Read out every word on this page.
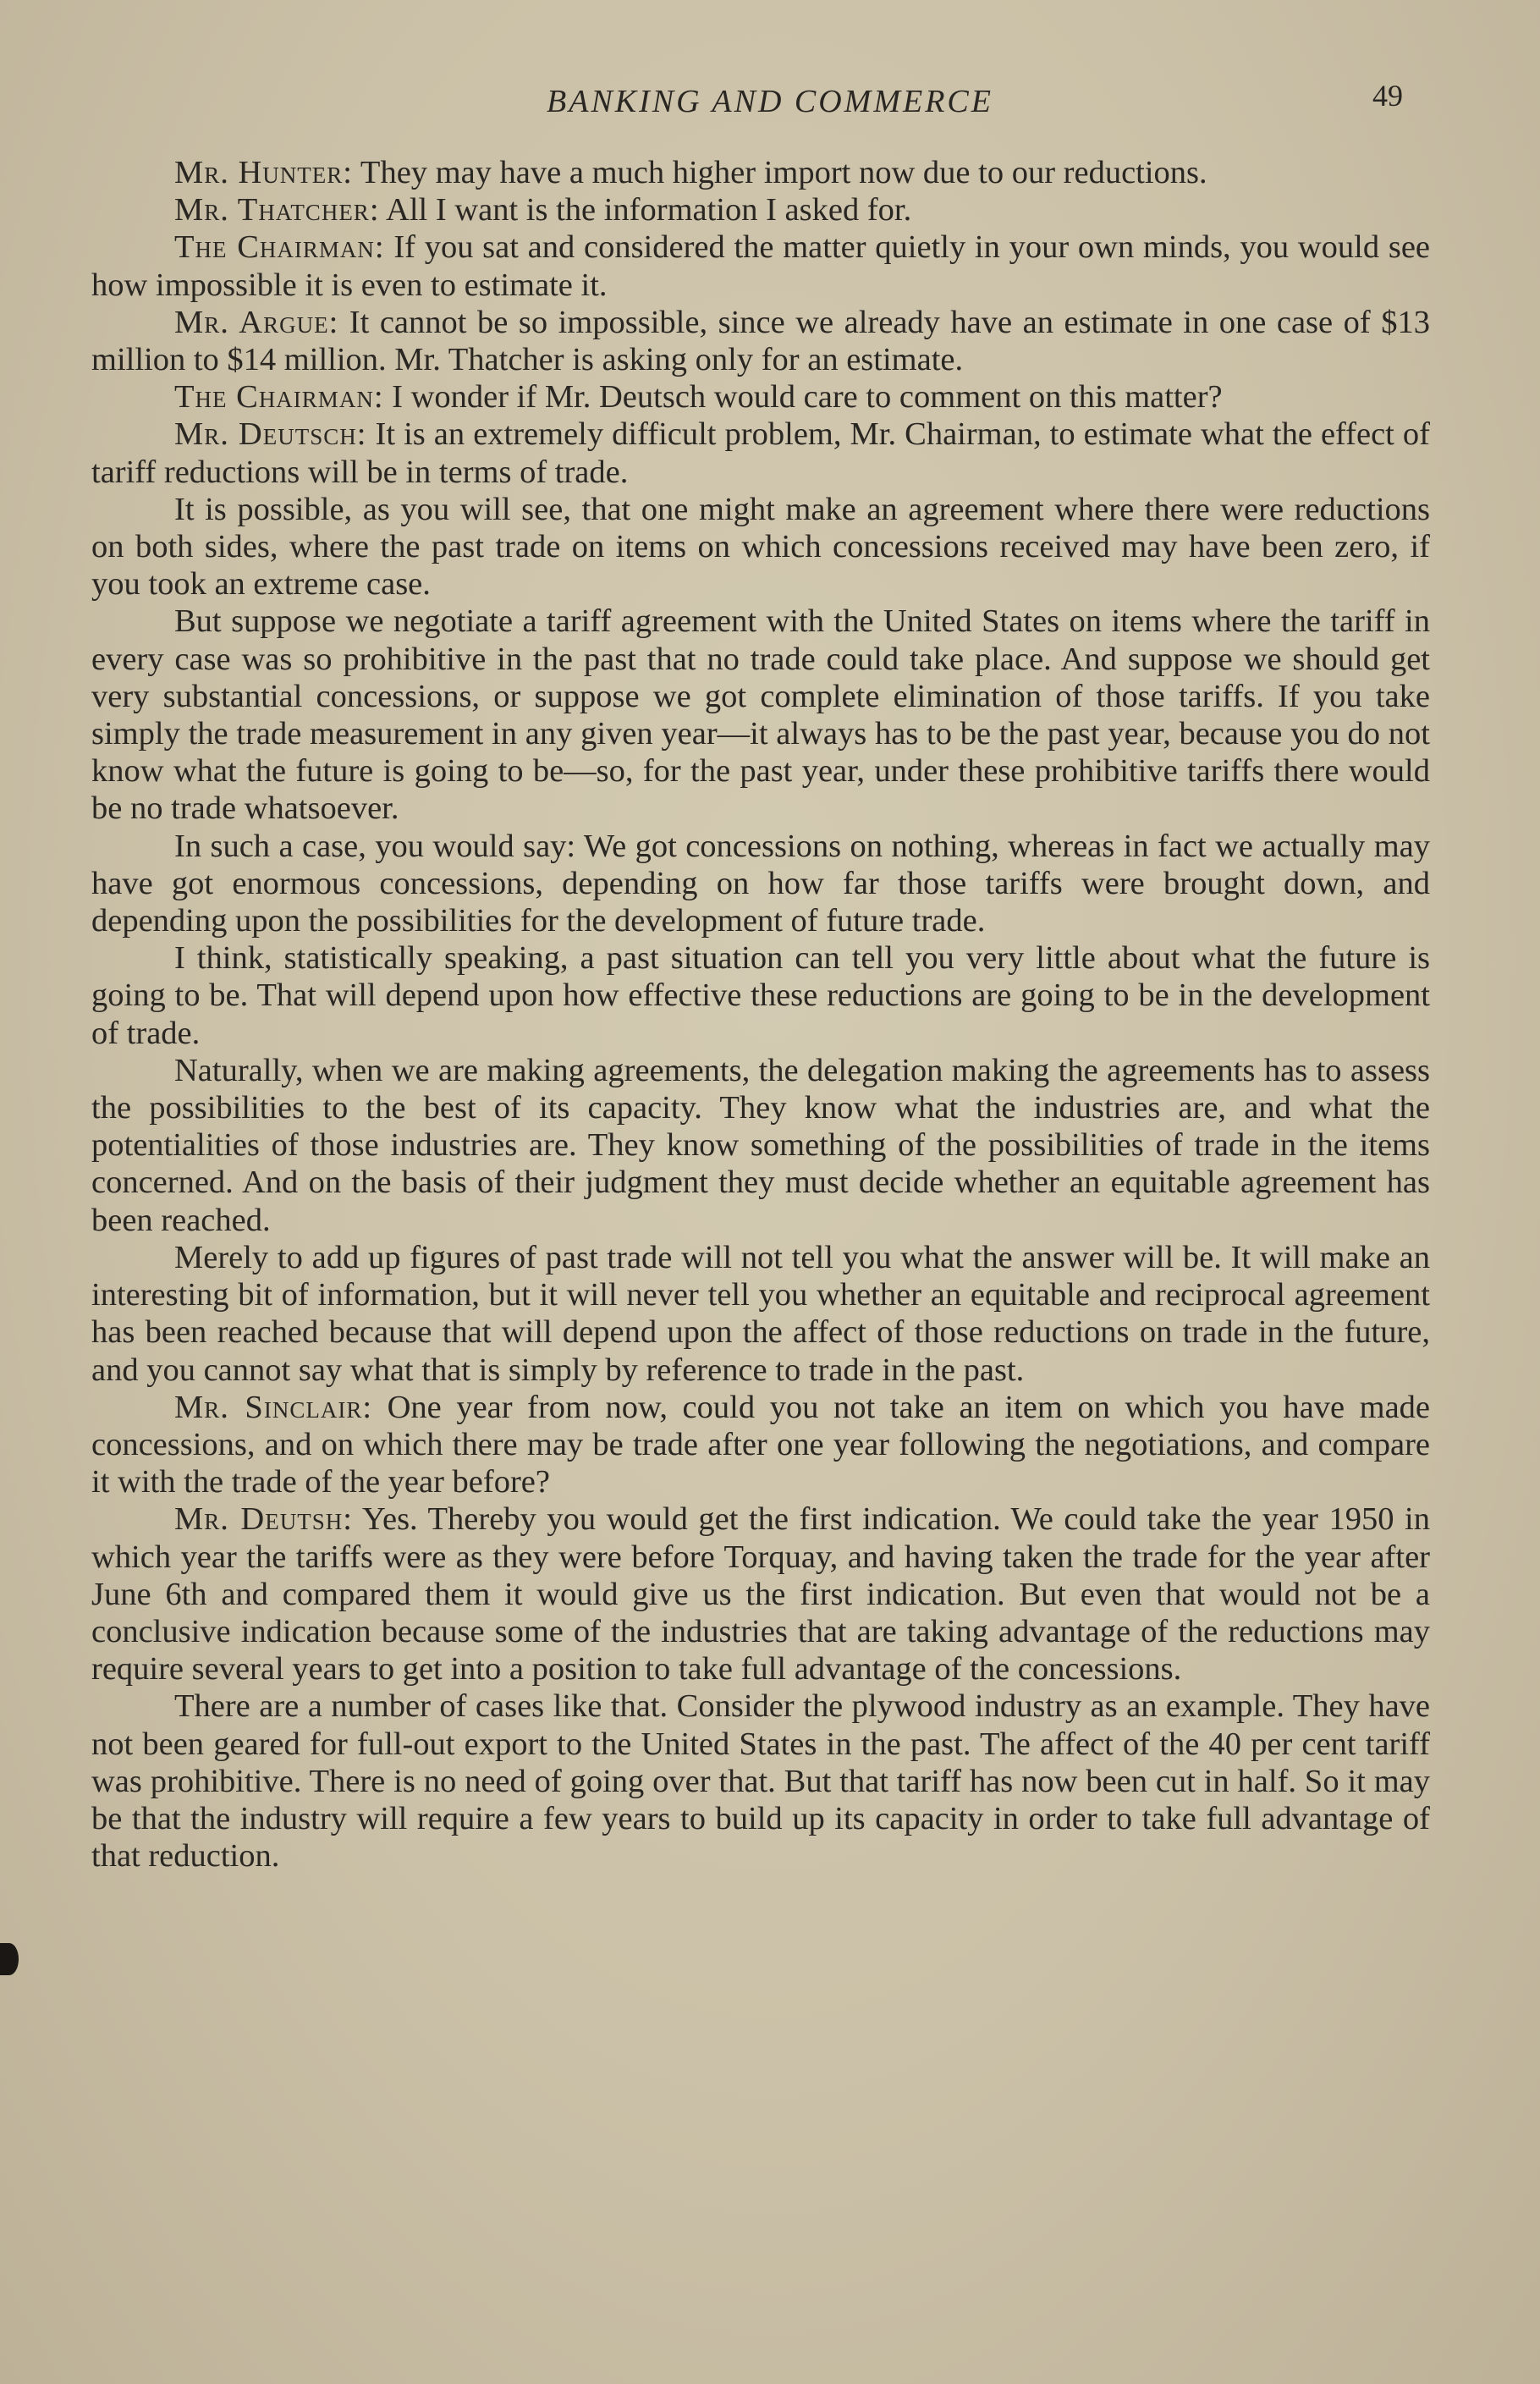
BANKING AND COMMERCE	49

Mr. Hunter: They may have a much higher import now due to our reductions.

Mr. Thatcher: All I want is the information I asked for.

The Chairman: If you sat and considered the matter quietly in your own minds, you would see how impossible it is even to estimate it.

Mr. Argue: It cannot be so impossible, since we already have an estimate in one case of $13 million to $14 million. Mr. Thatcher is asking only for an estimate.

The Chairman: I wonder if Mr. Deutsch would care to comment on this matter?

Mr. Deutsch: It is an extremely difficult problem, Mr. Chairman, to estimate what the effect of tariff reductions will be in terms of trade.

It is possible, as you will see, that one might make an agreement where there were reductions on both sides, where the past trade on items on which concessions received may have been zero, if you took an extreme case.

But suppose we negotiate a tariff agreement with the United States on items where the tariff in every case was so prohibitive in the past that no trade could take place. And suppose we should get very substantial concessions, or suppose we got complete elimination of those tariffs. If you take simply the trade measurement in any given year—it always has to be the past year, because you do not know what the future is going to be—so, for the past year, under these prohibitive tariffs there would be no trade whatsoever.

In such a case, you would say: We got concessions on nothing, whereas in fact we actually may have got enormous concessions, depending on how far those tariffs were brought down, and depending upon the possibilities for the development of future trade.

I think, statistically speaking, a past situation can tell you very little about what the future is going to be. That will depend upon how effective these reductions are going to be in the development of trade.

Naturally, when we are making agreements, the delegation making the agreements has to assess the possibilities to the best of its capacity. They know what the industries are, and what the potentialities of those industries are. They know something of the possibilities of trade in the items concerned. And on the basis of their judgment they must decide whether an equitable agreement has been reached.

Merely to add up figures of past trade will not tell you what the answer will be. It will make an interesting bit of information, but it will never tell you whether an equitable and reciprocal agreement has been reached because that will depend upon the affect of those reductions on trade in the future, and you cannot say what that is simply by reference to trade in the past.

Mr. Sinclair: One year from now, could you not take an item on which you have made concessions, and on which there may be trade after one year following the negotiations, and compare it with the trade of the year before?

Mr. Deutsh: Yes. Thereby you would get the first indication. We could take the year 1950 in which year the tariffs were as they were before Torquay, and having taken the trade for the year after June 6th and compared them it would give us the first indication. But even that would not be a conclusive indication because some of the industries that are taking advantage of the reductions may require several years to get into a position to take full advantage of the concessions.

There are a number of cases like that. Consider the plywood industry as an example. They have not been geared for full-out export to the United States in the past. The affect of the 40 per cent tariff was prohibitive. There is no need of going over that. But that tariff has now been cut in half. So it may be that the industry will require a few years to build up its capacity in order to take full advantage of that reduction.
